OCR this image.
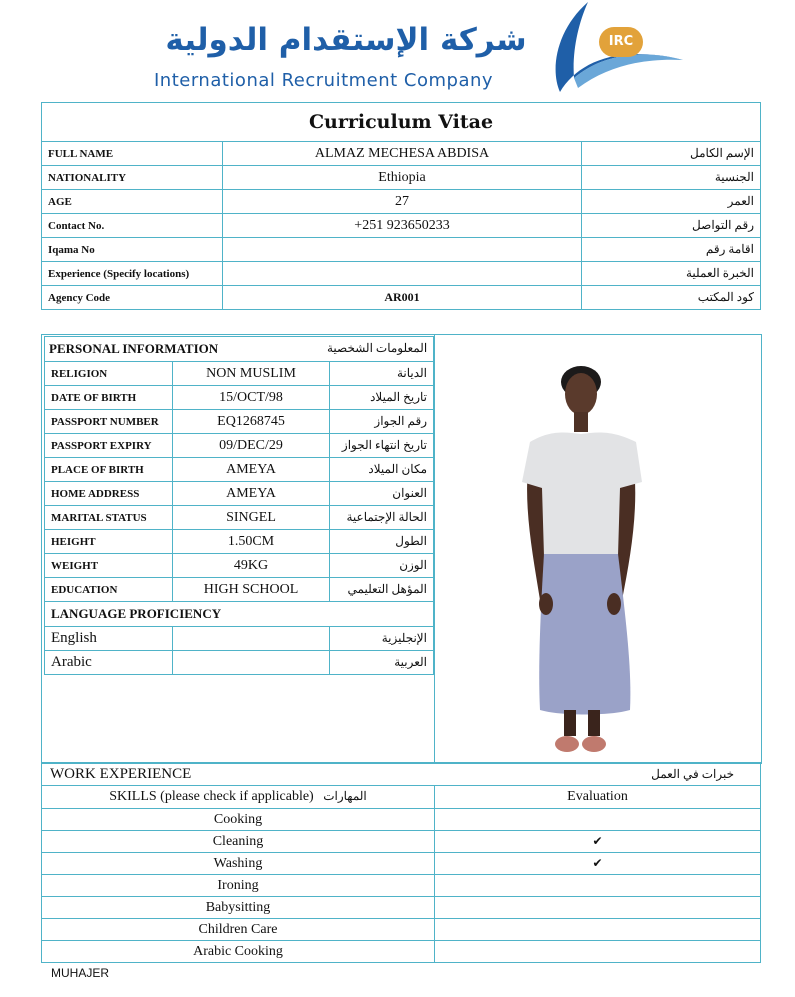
شركة الإستقدام الدولية
International Recruitment Company
IRC
Curriculum Vitae		
FULL NAME	ALMAZ MECHESA ABDISA	الإسم الكامل
NATIONALITY	Ethiopia	الجنسية
AGE	27	العمر
Contact No.	+251 923650233	رقم التواصل
Iqama No		اقامة رقم
Experience (Specify locations)		الخبرة العملية
Agency Code	AR001	كود المكتب
PERSONAL INFORMATION المعلومات الشخصية		

RELIGION	NON MUSLIM	الديانة
DATE OF BIRTH	15/OCT/98	تاريخ الميلاد
PASSPORT NUMBER	EQ1268745	رقم الجواز
PASSPORT EXPIRY	09/DEC/29	تاريخ انتهاء الجواز
PLACE OF BIRTH	AMEYA	مكان الميلاد
HOME ADDRESS	AMEYA	العنوان
MARITAL STATUS	SINGEL	الحالة الإجتماعية
HEIGHT	1.50CM	الطول
WEIGHT	49KG	الوزن
EDUCATION	HIGH SCHOOL	المؤهل التعليمي
LANGUAGE PROFICIENCY		
English		الإنجليزية
Arabic		العربية
WORK EXPERIENCE خبرات في العمل	

SKILLS (please check if applicable) المهارات	Evaluation
Cooking	
Cleaning	✔
Washing	✔
Ironing	
Babysitting	
Children Care	
Arabic Cooking	
MUHAJER
